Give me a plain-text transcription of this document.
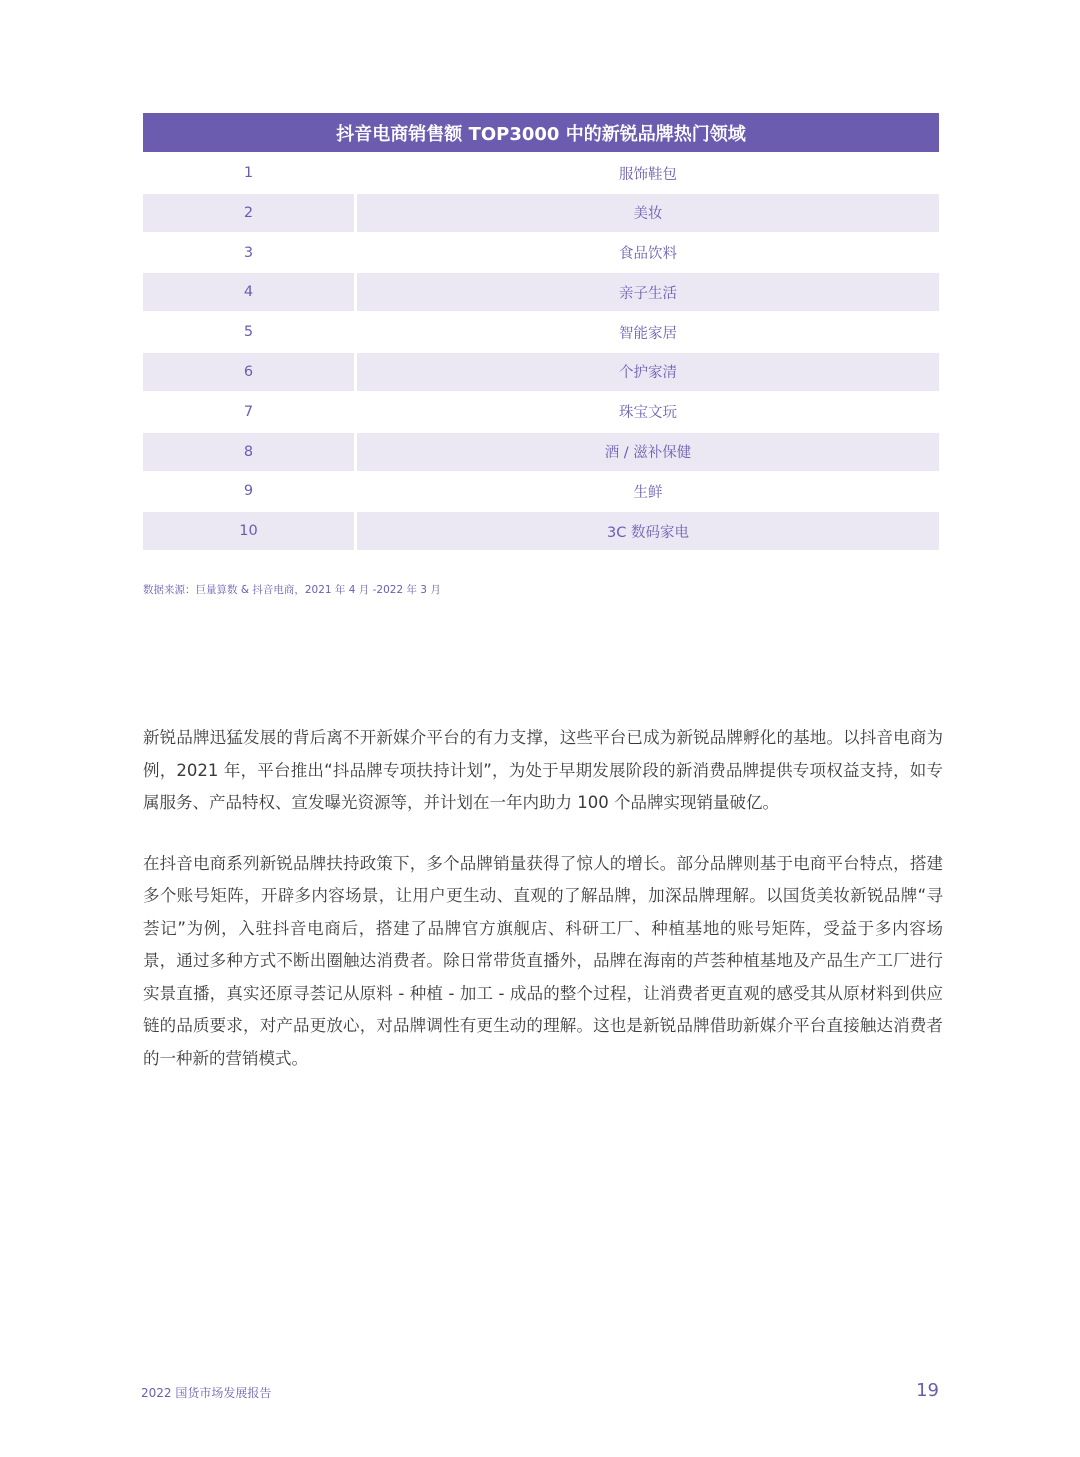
抖音电商销售额 TOP3000 中的新锐品牌热门领域
1	服饰鞋包
2	美妆
3	食品饮料
4	亲子生活
5	智能家居
6	个护家清
7	珠宝文玩
8	酒 / 滋补保健
9	生鲜
10	3C 数码家电
数据来源：巨量算数 & 抖音电商，2021 年 4 月 -2022 年 3 月

新锐品牌迅猛发展的背后离不开新媒介平台的有力支撑，这些平台已成为新锐品牌孵化的基地。以抖音电商为例，2021 年，平台推出“抖品牌专项扶持计划”，为处于早期发展阶段的新消费品牌提供专项权益支持，如专属服务、产品特权、宣发曝光资源等，并计划在一年内助力 100 个品牌实现销量破亿。

在抖音电商系列新锐品牌扶持政策下，多个品牌销量获得了惊人的增长。部分品牌则基于电商平台特点，搭建多个账号矩阵，开辟多内容场景，让用户更生动、直观的了解品牌，加深品牌理解。以国货美妆新锐品牌“寻荟记”为例，入驻抖音电商后，搭建了品牌官方旗舰店、科研工厂、种植基地的账号矩阵，受益于多内容场景，通过多种方式不断出圈触达消费者。除日常带货直播外，品牌在海南的芦荟种植基地及产品生产工厂进行实景直播，真实还原寻荟记从原料 - 种植 - 加工 - 成品的整个过程，让消费者更直观的感受其从原材料到供应链的品质要求，对产品更放心，对品牌调性有更生动的理解。这也是新锐品牌借助新媒介平台直接触达消费者的一种新的营销模式。

2022 国货市场发展报告	19
